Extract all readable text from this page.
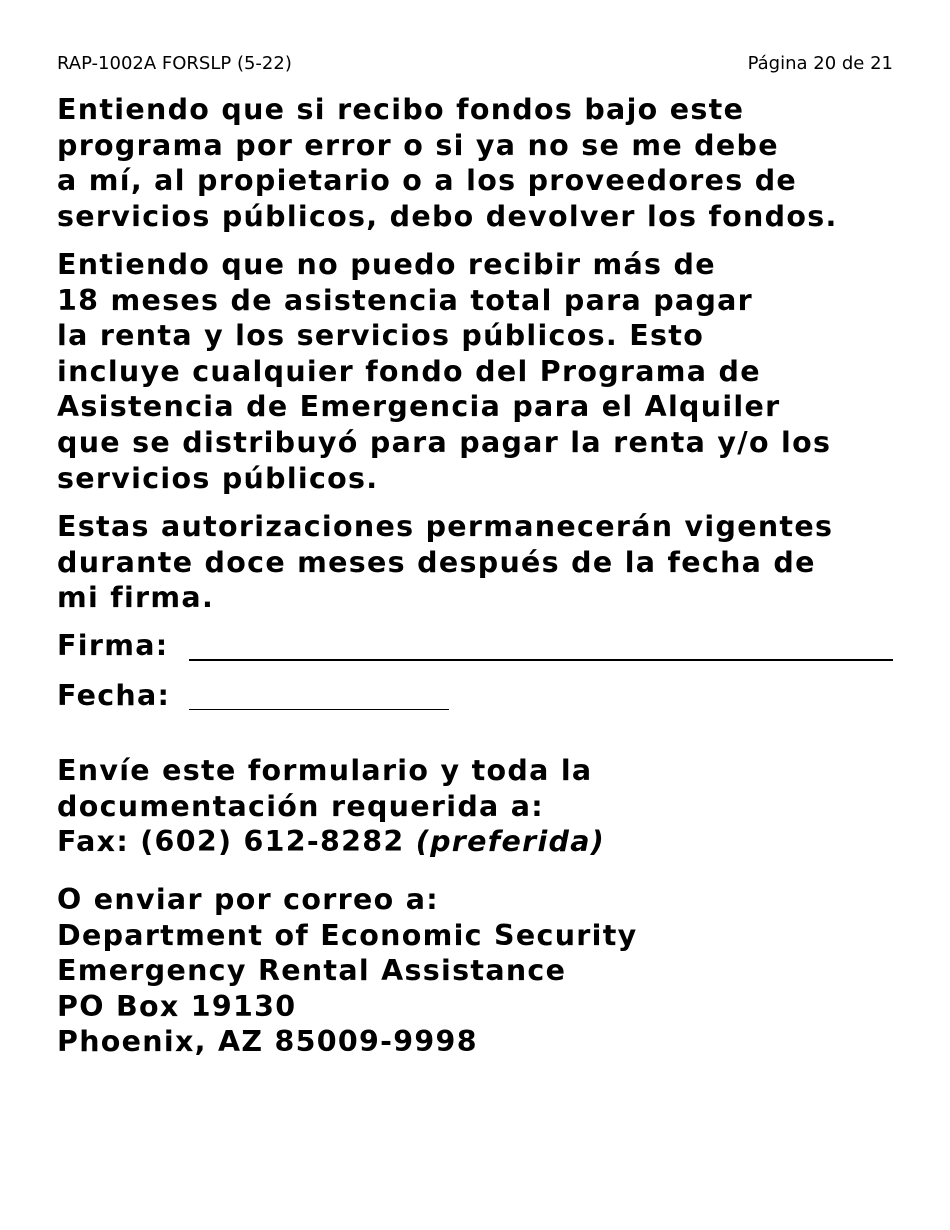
RAP-1002A FORSLP (5-22)	Página 20 de 21
Entiendo que si recibo fondos bajo este
programa por error o si ya no se me debe
a mí, al propietario o a los proveedores de
servicios públicos, debo devolver los fondos.
Entiendo que no puedo recibir más de
18 meses de asistencia total para pagar
la renta y los servicios públicos. Esto
incluye cualquier fondo del Programa de
Asistencia de Emergencia para el Alquiler
que se distribuyó para pagar la renta y/o los
servicios públicos.
Estas autorizaciones permanecerán vigentes
durante doce meses después de la fecha de
mi firma.
Firma:
Fecha:
Envíe este formulario y toda la
documentación requerida a:
Fax: (602) 612-8282 (preferida)
O enviar por correo a:
Department of Economic Security
Emergency Rental Assistance
PO Box 19130
Phoenix, AZ 85009-9998
